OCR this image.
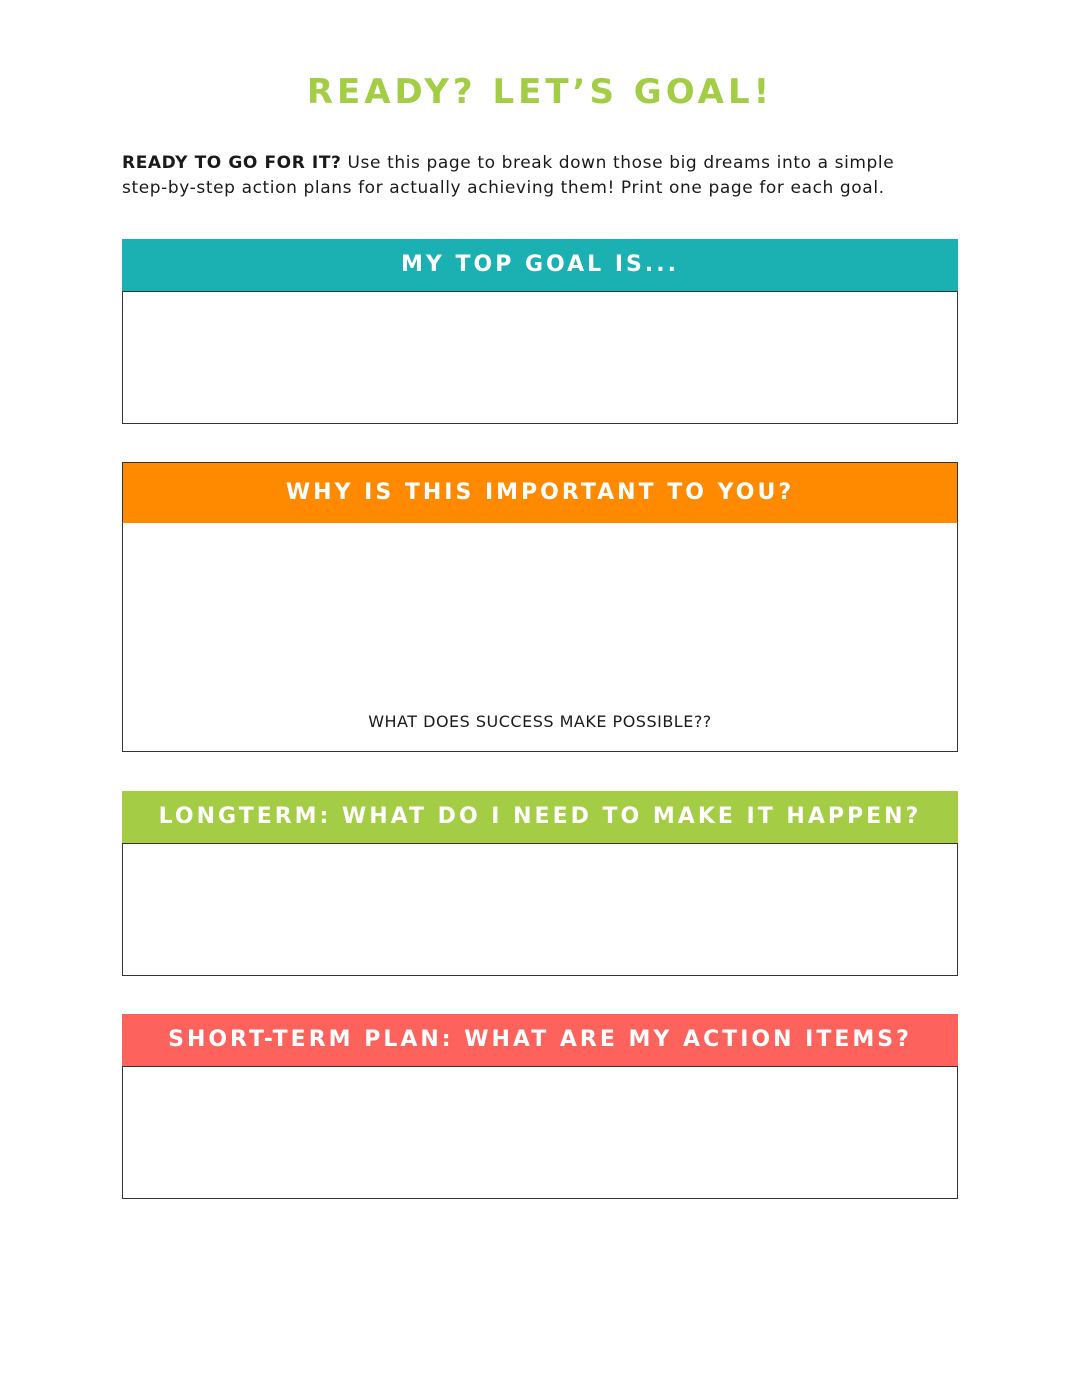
READY? LET’S GOAL!
READY TO GO FOR IT? Use this page to break down those big dreams into a simple
step-by-step action plans for actually achieving them! Print one page for each goal.
MY TOP GOAL IS...
WHY IS THIS IMPORTANT TO YOU?
WHAT DOES SUCCESS MAKE POSSIBLE??
LONGTERM: WHAT DO I NEED TO MAKE IT HAPPEN?
SHORT-TERM PLAN: WHAT ARE MY ACTION ITEMS?
